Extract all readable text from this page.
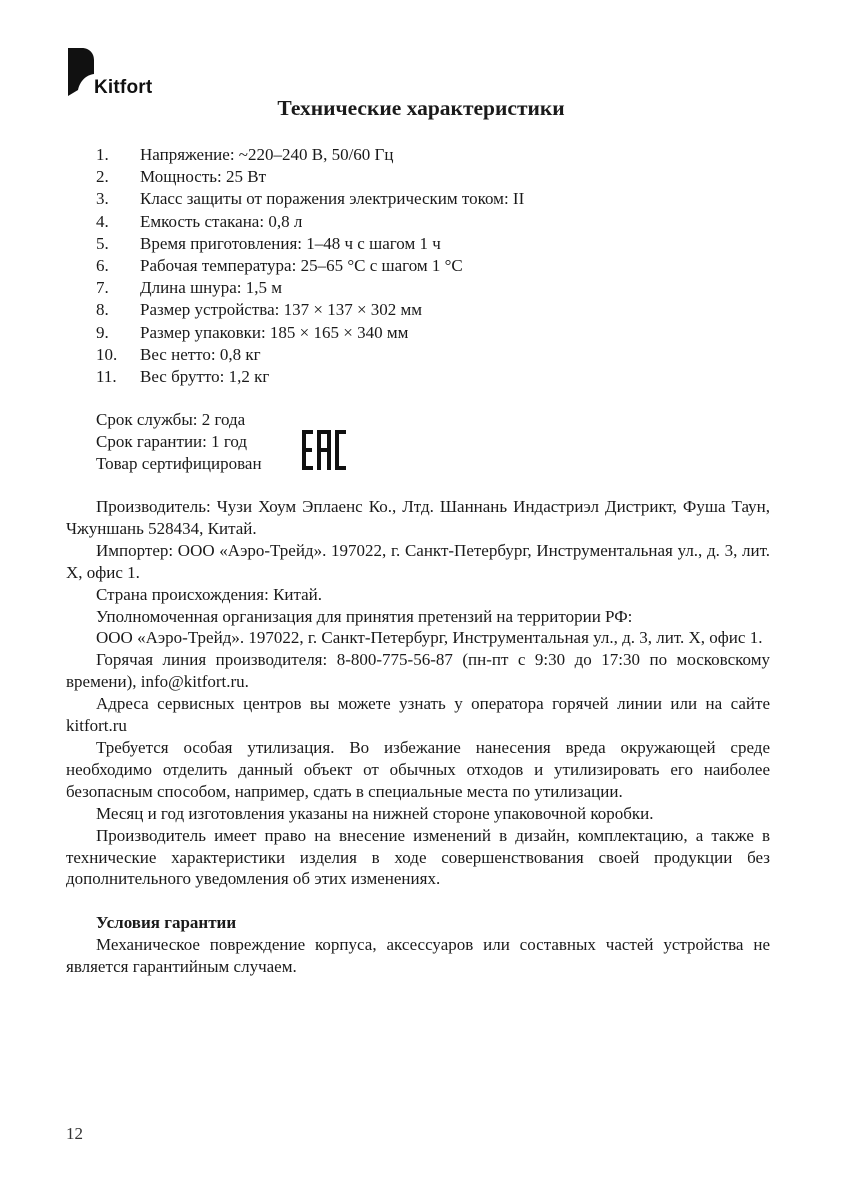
Kitfort
Технические характеристики
1.	Напряжение: ~220–240 В, 50/60 Гц
2.	Мощность: 25 Вт
3.	Класс защиты от поражения электрическим током: II
4.	Емкость стакана: 0,8 л
5.	Время приготовления: 1–48 ч с шагом 1 ч
6.	Рабочая температура: 25–65 °С с шагом 1 °С
7.	Длина шнура: 1,5 м
8.	Размер устройства: 137 × 137 × 302 мм
9.	Размер упаковки: 185 × 165 × 340 мм
10.	Вес нетто: 0,8 кг
11.	Вес брутто: 1,2 кг
Срок службы: 2 года
Срок гарантии: 1 год
Товар сертифицирован

Производитель: Чузи Хоум Эплаенс Ко., Лтд. Шаннань Индастриэл Дистрикт, Фуша Таун, Чжуншань 528434, Китай.

Импортер: ООО «Аэро-Трейд». 197022, г. Санкт-Петербург, Инструментальная ул., д. 3, лит. Х, офис 1.

Страна происхождения: Китай.

Уполномоченная организация для принятия претензий на территории РФ:

ООО «Аэро-Трейд». 197022, г. Санкт-Петербург, Инструментальная ул., д. 3, лит. Х, офис 1.

Горячая линия производителя: 8-800-775-56-87 (пн-пт с 9:30 до 17:30 по московскому времени), info@kitfort.ru.

Адреса сервисных центров вы можете узнать у оператора горячей линии или на сайте kitfort.ru

Требуется особая утилизация. Во избежание нанесения вреда окружающей среде необходимо отделить данный объект от обычных отходов и утилизировать его наиболее безопасным способом, например, сдать в специальные места по утилизации.

Месяц и год изготовления указаны на нижней стороне упаковочной коробки.

Производитель имеет право на внесение изменений в дизайн, комплектацию, а также в технические характеристики изделия в ходе совершенствования своей продукции без дополнительного уведомления об этих изменениях.

Условия гарантии

Механическое повреждение корпуса, аксессуаров или составных частей устройства не является гарантийным случаем.

12
